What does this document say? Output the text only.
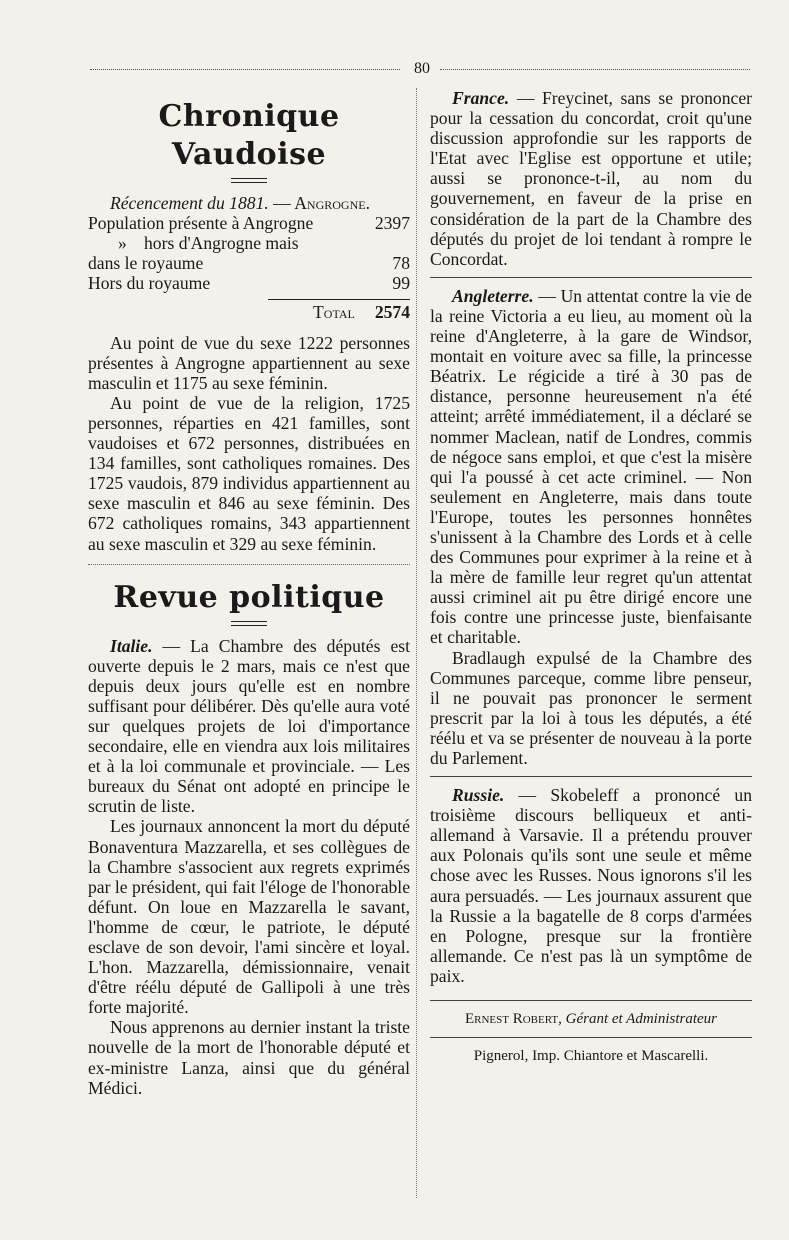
80
Chronique Vaudoise

Récencement du 1881. — Angrogne.

Population présente à Angrogne	2397
» hors d'Angrogne mais
dans le royaume	78
Hors du royaume	99
Total 2574

Au point de vue du sexe 1222 personnes présentes à Angrogne appartiennent au sexe masculin et 1175 au sexe féminin.

Au point de vue de la religion, 1725 personnes, réparties en 421 familles, sont vaudoises et 672 personnes, distribuées en 134 familles, sont catholiques romaines. Des 1725 vaudois, 879 individus appartiennent au sexe masculin et 846 au sexe féminin. Des 672 catholiques romains, 343 appartiennent au sexe masculin et 329 au sexe féminin.

Revue politique

Italie. — La Chambre des députés est ouverte depuis le 2 mars, mais ce n'est que depuis deux jours qu'elle est en nombre suffisant pour délibérer. Dès qu'elle aura voté sur quelques projets de loi d'importance secondaire, elle en viendra aux lois militaires et à la loi communale et provinciale. — Les bureaux du Sénat ont adopté en principe le scrutin de liste.

Les journaux annoncent la mort du député Bonaventura Mazzarella, et ses collègues de la Chambre s'associent aux regrets exprimés par le président, qui fait l'éloge de l'honorable défunt. On loue en Mazzarella le savant, l'homme de cœur, le patriote, le député esclave de son devoir, l'ami sincère et loyal. L'hon. Mazzarella, démissionnaire, venait d'être réélu député de Gallipoli à une très forte majorité.

Nous apprenons au dernier instant la triste nouvelle de la mort de l'honorable député et ex-ministre Lanza, ainsi que du général Médici.

France. — Freycinet, sans se prononcer pour la cessation du concordat, croit qu'une discussion approfondie sur les rapports de l'Etat avec l'Eglise est opportune et utile; aussi se prononce-t-il, au nom du gouvernement, en faveur de la prise en considération de la part de la Chambre des députés du projet de loi tendant à rompre le Concordat.

Angleterre. — Un attentat contre la vie de la reine Victoria a eu lieu, au moment où la reine d'Angleterre, à la gare de Windsor, montait en voiture avec sa fille, la princesse Béatrix. Le régicide a tiré à 30 pas de distance, personne heureusement n'a été atteint; arrêté immédiatement, il a déclaré se nommer Maclean, natif de Londres, commis de négoce sans emploi, et que c'est la misère qui l'a poussé à cet acte criminel. — Non seulement en Angleterre, mais dans toute l'Europe, toutes les personnes honnêtes s'unissent à la Chambre des Lords et à celle des Communes pour exprimer à la reine et à la mère de famille leur regret qu'un attentat aussi criminel ait pu être dirigé encore une fois contre une princesse juste, bienfaisante et charitable.

Bradlaugh expulsé de la Chambre des Communes parceque, comme libre penseur, il ne pouvait pas prononcer le serment prescrit par la loi à tous les députés, a été réélu et va se présenter de nouveau à la porte du Parlement.

Russie. — Skobeleff a prononcé un troisième discours belliqueux et anti-allemand à Varsavie. Il a prétendu prouver aux Polonais qu'ils sont une seule et même chose avec les Russes. Nous ignorons s'il les aura persuadés. — Les journaux assurent que la Russie a la bagatelle de 8 corps d'armées en Pologne, presque sur la frontière allemande. Ce n'est pas là un symptôme de paix.

Ernest Robert, Gérant et Administrateur
Pignerol, Imp. Chiantore et Mascarelli.
